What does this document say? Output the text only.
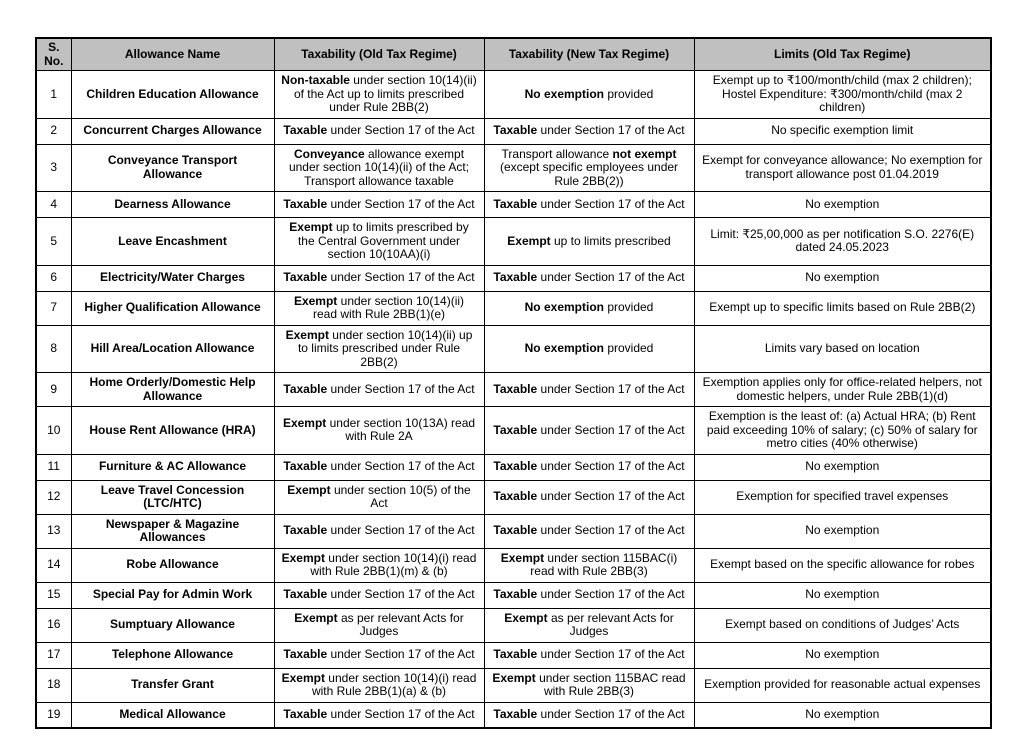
S. No.	Allowance Name	Taxability (Old Tax Regime)	Taxability (New Tax Regime)	Limits (Old Tax Regime)
1	Children Education Allowance	Non-taxable under section 10(14)(ii) of the Act up to limits prescribed under Rule 2BB(2)	No exemption provided	Exempt up to ₹100/month/child (max 2 children); Hostel Expenditure: ₹300/month/child (max 2 children)
2	Concurrent Charges Allowance	Taxable under Section 17 of the Act	Taxable under Section 17 of the Act	No specific exemption limit
3	Conveyance Transport Allowance	Conveyance allowance exempt under section 10(14)(ii) of the Act; Transport allowance taxable	Transport allowance not exempt (except specific employees under Rule 2BB(2))	Exempt for conveyance allowance; No exemption for transport allowance post 01.04.2019
4	Dearness Allowance	Taxable under Section 17 of the Act	Taxable under Section 17 of the Act	No exemption
5	Leave Encashment	Exempt up to limits prescribed by the Central Government under section 10(10AA)(i)	Exempt up to limits prescribed	Limit: ₹25,00,000 as per notification S.O. 2276(E) dated 24.05.2023
6	Electricity/Water Charges	Taxable under Section 17 of the Act	Taxable under Section 17 of the Act	No exemption
7	Higher Qualification Allowance	Exempt under section 10(14)(ii) read with Rule 2BB(1)(e)	No exemption provided	Exempt up to specific limits based on Rule 2BB(2)
8	Hill Area/Location Allowance	Exempt under section 10(14)(ii) up to limits prescribed under Rule 2BB(2)	No exemption provided	Limits vary based on location
9	Home Orderly/Domestic Help Allowance	Taxable under Section 17 of the Act	Taxable under Section 17 of the Act	Exemption applies only for office-related helpers, not domestic helpers, under Rule 2BB(1)(d)
10	House Rent Allowance (HRA)	Exempt under section 10(13A) read with Rule 2A	Taxable under Section 17 of the Act	Exemption is the least of: (a) Actual HRA; (b) Rent paid exceeding 10% of salary; (c) 50% of salary for metro cities (40% otherwise)
11	Furniture & AC Allowance	Taxable under Section 17 of the Act	Taxable under Section 17 of the Act	No exemption
12	Leave Travel Concession (LTC/HTC)	Exempt under section 10(5) of the Act	Taxable under Section 17 of the Act	Exemption for specified travel expenses
13	Newspaper & Magazine Allowances	Taxable under Section 17 of the Act	Taxable under Section 17 of the Act	No exemption
14	Robe Allowance	Exempt under section 10(14)(i) read with Rule 2BB(1)(m) & (b)	Exempt under section 115BAC(i) read with Rule 2BB(3)	Exempt based on the specific allowance for robes
15	Special Pay for Admin Work	Taxable under Section 17 of the Act	Taxable under Section 17 of the Act	No exemption
16	Sumptuary Allowance	Exempt as per relevant Acts for Judges	Exempt as per relevant Acts for Judges	Exempt based on conditions of Judges’ Acts
17	Telephone Allowance	Taxable under Section 17 of the Act	Taxable under Section 17 of the Act	No exemption
18	Transfer Grant	Exempt under section 10(14)(i) read with Rule 2BB(1)(a) & (b)	Exempt under section 115BAC read with Rule 2BB(3)	Exemption provided for reasonable actual expenses
19	Medical Allowance	Taxable under Section 17 of the Act	Taxable under Section 17 of the Act	No exemption
